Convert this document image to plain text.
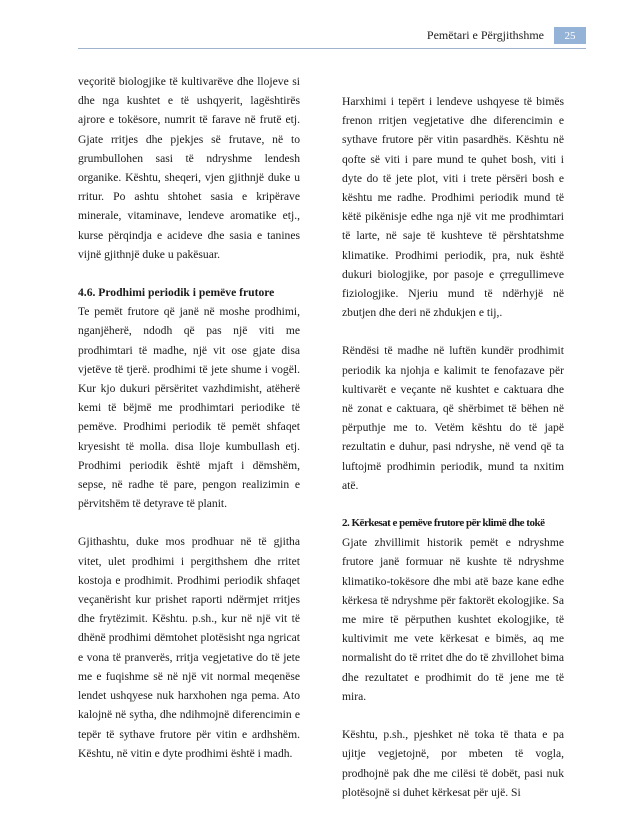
Pemëtari e Përgjithshme	25

veçoritë biologjike të kultivarëve dhe llojeve si dhe nga kushtet e të ushqyerit, lagështirës ajrore e tokësore, numrit të farave në frutë etj. Gjate rritjes dhe pjekjes së frutave, në to grumbullohen sasi të ndryshme lendesh organike. Kështu, sheqeri, vjen gjithnjë duke u rritur. Po ashtu shtohet sasia e kripërave minerale, vitaminave, lendeve aromatike etj., kurse përqindja e acideve dhe sasia e tanines vijnë gjithnjë duke u pakësuar.

4.6. Prodhimi periodik i pemëve frutore

Te pemët frutore që janë në moshe prodhimi, nganjëherë, ndodh që pas një viti me prodhimtari të madhe, një vit ose gjate disa vjetëve të tjerë. prodhimi të jete shume i vogël. Kur kjo dukuri përsëritet vazhdimisht, atëherë kemi të bëjmë me prodhimtari periodike të pemëve. Prodhimi periodik të pemët shfaqet kryesisht të molla. disa lloje kumbullash etj. Prodhimi periodik është mjaft i dëmshëm, sepse, në radhe të pare, pengon realizimin e përvitshëm të detyrave të planit.

Gjithashtu, duke mos prodhuar në të gjitha vitet, ulet prodhimi i pergithshem dhe rritet kostoja e prodhimit. Prodhimi periodik shfaqet veçanërisht kur prishet raporti ndërmjet rritjes dhe frytëzimit. Kështu. p.sh., kur në një vit të dhënë prodhimi dëmtohet plotësisht nga ngricat e vona të pranverës, rritja vegjetative do të jete me e fuqishme së në një vit normal meqenëse lendet ushqyese nuk harxhohen nga pema. Ato kalojnë në sytha, dhe ndihmojnë diferencimin e tepër të sythave frutore për vitin e ardhshëm. Kështu, në vitin e dyte prodhimi është i madh.

Harxhimi i tepërt i lendeve ushqyese të bimës frenon rritjen vegjetative dhe diferencimin e sythave frutore për vitin pasardhës. Kështu në qofte së viti i pare mund te quhet bosh, viti i dyte do të jete plot, viti i trete përsëri bosh e kështu me radhe. Prodhimi periodik mund të këtë pikënisje edhe nga një vit me prodhimtari të larte, në saje të kushteve të përshtatshme klimatike. Prodhimi periodik, pra, nuk është dukuri biologjike, por pasoje e çrregullimeve fiziologjike. Njeriu mund të ndërhyjë në zbutjen dhe deri në zhdukjen e tij,.

Rëndësi të madhe në luftën kundër prodhimit periodik ka njohja e kalimit te fenofazave për kultivarët e veçante në kushtet e caktuara dhe në zonat e caktuara, që shërbimet të bëhen në përputhje me to. Vetëm kështu do të japë rezultatin e duhur, pasi ndryshe, në vend që ta luftojmë prodhimin periodik, mund ta nxitim atë.

2. Kërkesat e pemëve frutore për klimë dhe tokë

Gjate zhvillimit historik pemët e ndryshme frutore janë formuar në kushte të ndryshme klimatiko-tokësore dhe mbi atë baze kane edhe kërkesa të ndryshme për faktorët ekologjike. Sa me mire të përputhen kushtet ekologjike, të kultivimit me vete kërkesat e bimës, aq me normalisht do të rritet dhe do të zhvillohet bima dhe rezultatet e prodhimit do të jene me të mira.

Kështu, p.sh., pjeshket në toka të thata e pa ujitje vegjetojnë, por mbeten të vogla, prodhojnë pak dhe me cilësi të dobët, pasi nuk plotësojnë si duhet kërkesat për ujë. Si
